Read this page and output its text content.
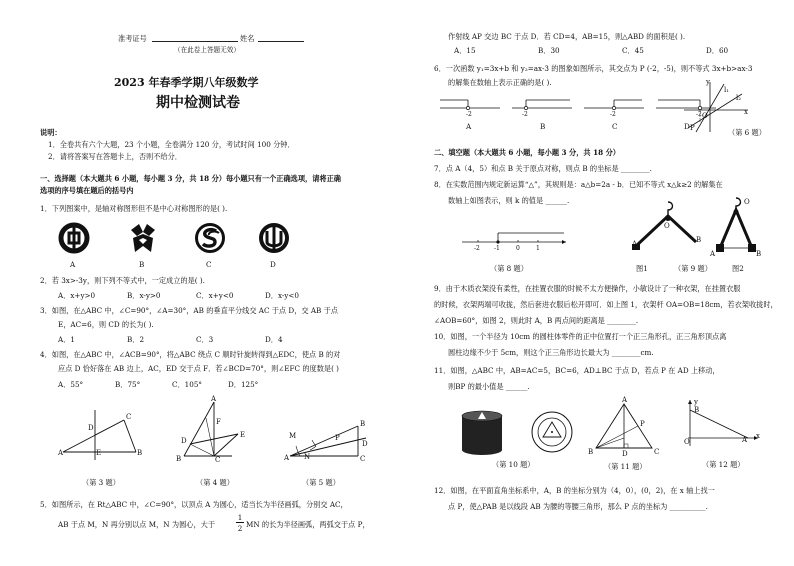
准考证号	姓名
（在此卷上答题无效）
2023 年春季学期八年级数学
期中检测试卷
说明：
1．全卷共有六个大题，23 个小题，全卷满分 120 分，考试时间 100 分钟．
2．请将答案写在答题卡上，否则不给分．
一、选择题（本大题共 6 小题，每小题 3 分，共 18 分）每小题只有一个正确选项，请将正确
选项的序号填在题后的括号内
1．下列图案中，是轴对称图形但不是中心对称图形的是( ).
A	B	C	D
2．若 3x>-3y，则下列不等式中，一定成立的是( ).
A．x+y>0	B．x-y>0	C．x+y<0	D．x-y<0
3．如图，在△ABC 中，∠C=90°，∠A=30°，AB 的垂直平分线交 AC 于点 D，交 AB 于点
E，AC=6，则 CD 的长为( ).
A．1	B．2	C．3	D．4
4．如图，在△ABC 中，∠ACB=90°，将△ABC 绕点 C 顺时针旋转得到△EDC，使点 B 的对
应点 D 恰好落在 AB 边上，AC，ED 交于点 F．若∠BCD=70°，则∠EFC 的度数是( )
A．55°	B．75°	C．105°	D．125°
A	E	B
D
C
（第 3 题）
A
F
D
E
B	C
（第 4 题）
M
A N
P
B
C
D
（第 5 题）
5．如图所示，在 Rt△ABC 中，∠C=90°，以顶点 A 为圆心，适当长为半径画弧，分别交 AC，
AB 于点 M，N 再分别以点 M，N 为圆心，大于
1
2 MN 的长为半径画弧，两弧交于点 P，
作射线 AP 交边 BC 于点 D．若 CD=4，AB=15，则△ABD 的面积是( ).
A．15	B．30	C．45	D．60
6．一次函数 y₁=3x+b 和 y₂=ax-3 的图象如图所示，其交点为 P (-2，-5)，则不等式 3x+b>ax-3
的解集在数轴上表示正确的是( ).
-2	-2	-2	-2
A	B	C	D
y
l₁
l₂
x
O
P	（第 6 题）
二、填空题（本大题共 6 小题，每小题 3 分，共 18 分）
7．点 A（4，5）和点 B 关于原点对称，则点 B 的坐标是 ________.
8．在实数范围内规定新运算“△”，其规则是：a△b=2a - b．已知不等式 x△k≥2 的解集在
数轴上如图表示，则 k 的值是 ______.
-2 -1	0	1
（第 8 题）
O
A	B
O
A	B
图1	（第 9 题）	图2
9．由于木质衣架没有柔性，在挂置衣服的时候不太方便操作，小敏设计了一种衣架，在挂置衣服
的时候，衣架两端可收拢，然后套进衣服后松开即可．如上图 1，衣架杆 OA=OB=18cm，若衣架收拢时，
∠AOB=60°，如图 2，则此时 A，B 两点间的距离是 ________.
10．如图，一个半径为 10cm 的圆柱体零件的正中位置打一个正三角形孔，正三角形顶点离
圆柱边缘不少于 5cm，则这个正三角形边长最大为 ________cm.
11．如图，△ABC 中，AB=AC=5，BC=6，AD⊥BC 于点 D，若点 P 在 AD 上移动，
则BP 的最小值是 ______.
（第 10 题）
A
P
B	D	C
（第 11 题）
y
B
O	A x
（第 12 题）
12．如图，在平面直角坐标系中，A，B 的坐标分别为（4，0），(0，2)，在 x 轴上找一
点 P，使△PAB 是以线段 AB 为腰的等腰三角形，那么 P 点的坐标为 __________.
